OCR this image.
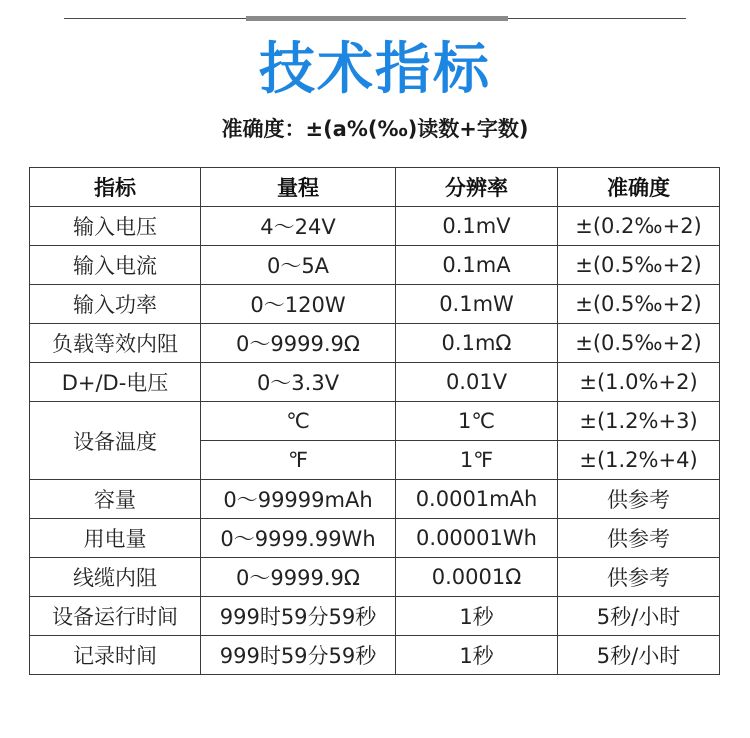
技术指标
准确度：±(a%(‰)读数+字数)
指标	量程	分辨率	准确度
输入电压	4～24V	0.1mV	±(0.2‰+2)
输入电流	0～5A	0.1mA	±(0.5‰+2)
输入功率	0～120W	0.1mW	±(0.5‰+2)
负载等效内阻	0～9999.9Ω	0.1mΩ	±(0.5‰+2)
D+/D-电压	0～3.3V	0.01V	±(1.0%+2)
设备温度	℃	1℃	±(1.2%+3)
	℉	1℉	±(1.2%+4)
容量	0～99999mAh	0.0001mAh	供参考
用电量	0～9999.99Wh	0.00001Wh	供参考
线缆内阻	0～9999.9Ω	0.0001Ω	供参考
设备运行时间	999时59分59秒	1秒	5秒/小时
记录时间	999时59分59秒	1秒	5秒/小时
